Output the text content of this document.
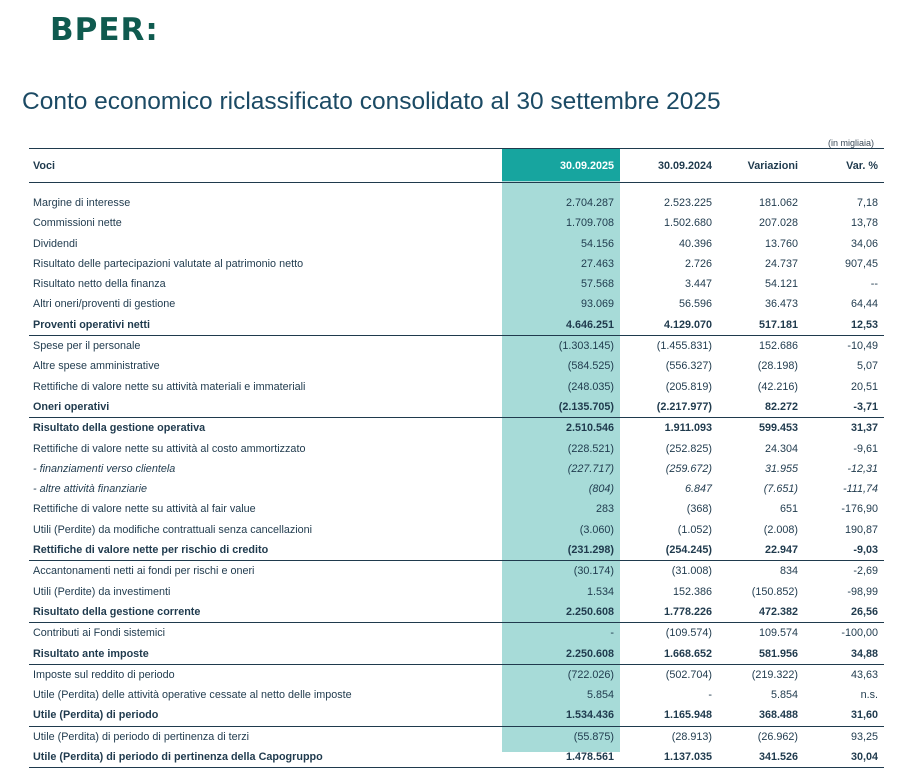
BPER:
Conto economico riclassificato consolidato al 30 settembre 2025
(in migliaia)
Voci	30.09.2025	30.09.2024	Variazioni	Var. %

Margine di interesse	2.704.287	2.523.225	181.062	7,18
Commissioni nette	1.709.708	1.502.680	207.028	13,78
Dividendi	54.156	40.396	13.760	34,06
Risultato delle partecipazioni valutate al patrimonio netto	27.463	2.726	24.737	907,45
Risultato netto della finanza	57.568	3.447	54.121	--
Altri oneri/proventi di gestione	93.069	56.596	36.473	64,44
Proventi operativi netti	4.646.251	4.129.070	517.181	12,53
Spese per il personale	(1.303.145)	(1.455.831)	152.686	-10,49
Altre spese amministrative	(584.525)	(556.327)	(28.198)	5,07
Rettifiche di valore nette su attività materiali e immateriali	(248.035)	(205.819)	(42.216)	20,51
Oneri operativi	(2.135.705)	(2.217.977)	82.272	-3,71
Risultato della gestione operativa	2.510.546	1.911.093	599.453	31,37
Rettifiche di valore nette su attività al costo ammortizzato	(228.521)	(252.825)	24.304	-9,61
- finanziamenti verso clientela	(227.717)	(259.672)	31.955	-12,31
- altre attività finanziarie	(804)	6.847	(7.651)	-111,74
Rettifiche di valore nette su attività al fair value	283	(368)	651	-176,90
Utili (Perdite) da modifiche contrattuali senza cancellazioni	(3.060)	(1.052)	(2.008)	190,87
Rettifiche di valore nette per rischio di credito	(231.298)	(254.245)	22.947	-9,03
Accantonamenti netti ai fondi per rischi e oneri	(30.174)	(31.008)	834	-2,69
Utili (Perdite) da investimenti	1.534	152.386	(150.852)	-98,99
Risultato della gestione corrente	2.250.608	1.778.226	472.382	26,56
Contributi ai Fondi sistemici	-	(109.574)	109.574	-100,00
Risultato ante imposte	2.250.608	1.668.652	581.956	34,88
Imposte sul reddito di periodo	(722.026)	(502.704)	(219.322)	43,63
Utile (Perdita) delle attività operative cessate al netto delle imposte	5.854	-	5.854	n.s.
Utile (Perdita) di periodo	1.534.436	1.165.948	368.488	31,60
Utile (Perdita) di periodo di pertinenza di terzi	(55.875)	(28.913)	(26.962)	93,25
Utile (Perdita) di periodo di pertinenza della Capogruppo	1.478.561	1.137.035	341.526	30,04
